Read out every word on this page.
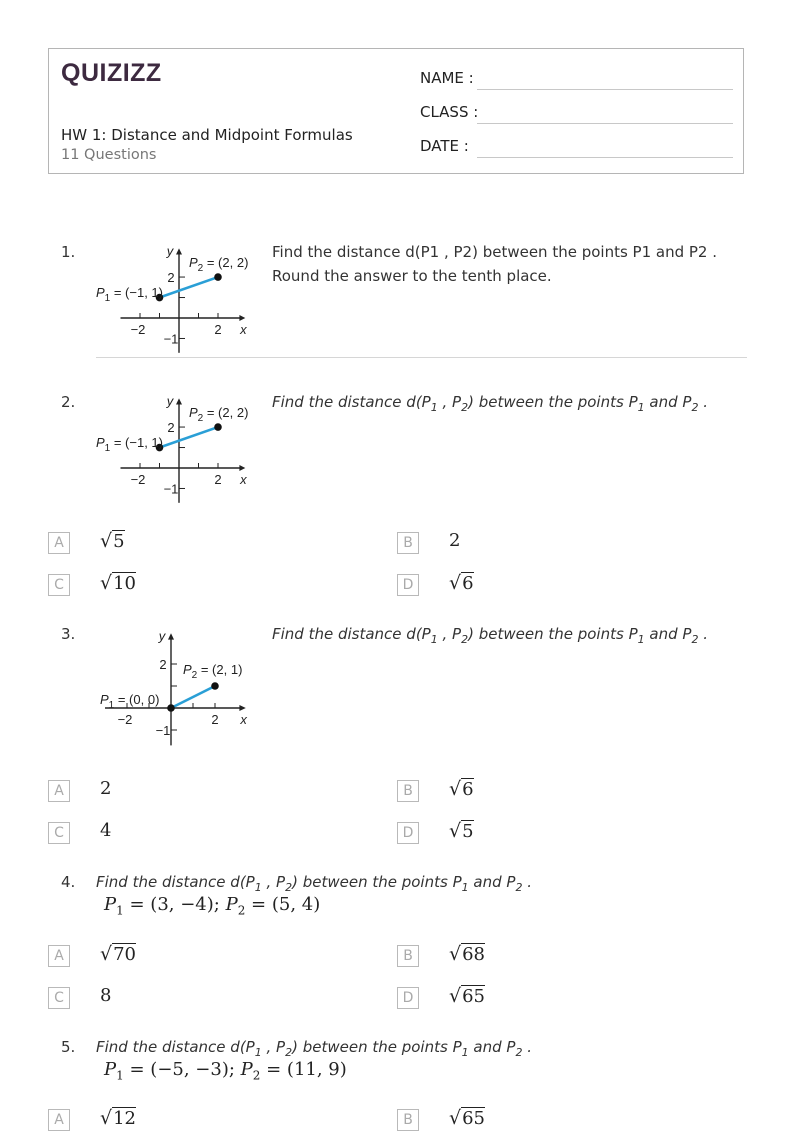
QUIZIZZ
HW 1: Distance and Midpoint Formulas
11 Questions
NAME :
CLASS :
DATE :
1.
−2	2
−1
2
x
y
$P_1 = (-1$, 1)
$P_2 = (2$, 2)
Find the distance d(P1 , P2) between the points P1 and P2 .
Round the answer to the tenth place.
2.
−2	2
−1
2
x
y
$P_1 = (-1$, 1)
$P_2 = (2$, 2)
Find the distance $d(P_1$ , $P_2$) between the points $P_1$ and $P_2$ .
A	√5	B	2
C	√10	D √6
3.
−2	2
−1
2
x
y
$P_1 = (0$, 0)
$P_2 = (2$, 1)
Find the distance $d(P_1$ , $P_2$) between the points $P_1$ and $P_2$ .
A	2	B	√6
C	4	D √5
4. Find the distance $d(P_1$ , $P_2$) between the points $P_1$ and $P_2$ .
$P_1 = (3$, −4); $P_2 = (5$, 4)
A	√70	B	√68
C	8	D √65
5. Find the distance $d(P_1$ , $P_2$) between the points $P_1$ and $P_2$ .
$P_1 = (-5$, −3); $P_2 = (11$, 9)
A	√12	B	√65
